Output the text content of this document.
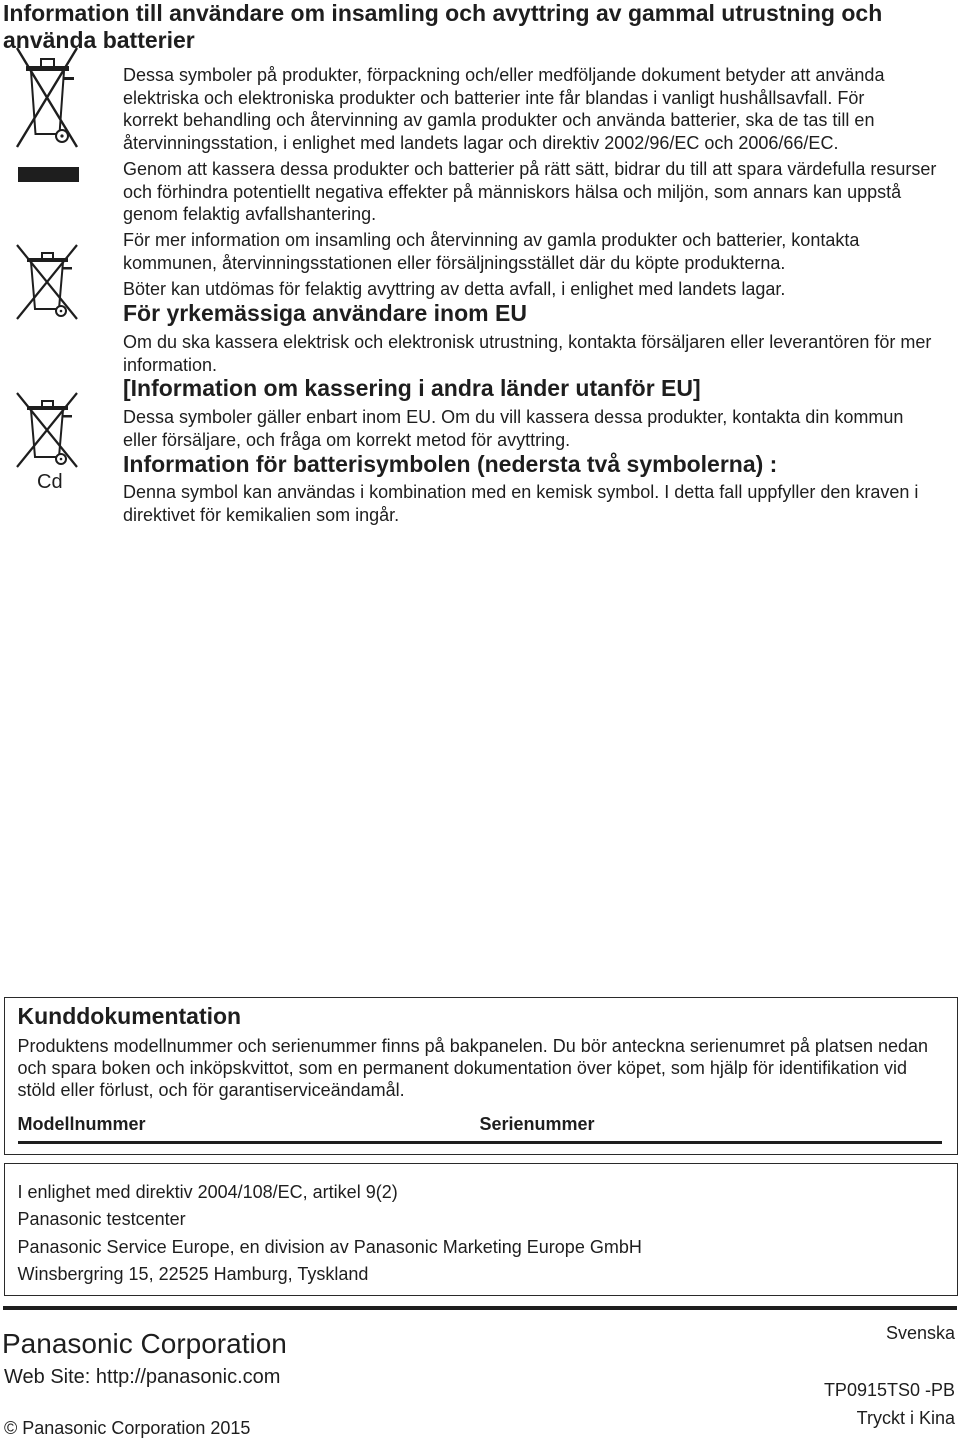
Information till användare om insamling och avyttring av gammal utrustning och
använda batterier
Cd
Dessa symboler på produkter, förpackning och/eller medföljande dokument betyder att använda
elektriska och elektroniska produkter och batterier inte får blandas i vanligt hushållsavfall. För
korrekt behandling och återvinning av gamla produkter och använda batterier, ska de tas till en
återvinningsstation, i enlighet med landets lagar och direktiv 2002/96/EC och 2006/66/EC.
Genom att kassera dessa produkter och batterier på rätt sätt, bidrar du till att spara värdefulla resurser
och förhindra potentiellt negativa effekter på människors hälsa och miljön, som annars kan uppstå
genom felaktig avfallshantering.
För mer information om insamling och återvinning av gamla produkter och batterier, kontakta
kommunen, återvinningsstationen eller försäljningsstället där du köpte produkterna.
Böter kan utdömas för felaktig avyttring av detta avfall, i enlighet med landets lagar.
För yrkemässiga användare inom EU
Om du ska kassera elektrisk och elektronisk utrustning, kontakta försäljaren eller leverantören för mer
information.
[Information om kassering i andra länder utanför EU]
Dessa symboler gäller enbart inom EU. Om du vill kassera dessa produkter, kontakta din kommun
eller försäljare, och fråga om korrekt metod för avyttring.
Information för batterisymbolen (nedersta två symbolerna) :
Denna symbol kan användas i kombination med en kemisk symbol. I detta fall uppfyller den kraven i
direktivet för kemikalien som ingår.
Kunddokumentation
Produktens modellnummer och serienummer finns på bakpanelen. Du bör anteckna serienumret på platsen nedan
och spara boken och inköpskvittot, som en permanent dokumentation över köpet, som hjälp för identifikation vid
stöld eller förlust, och för garantiserviceändamål.
Modellnummer	Serienummer
I enlighet med direktiv 2004/108/EC, artikel 9(2)
Panasonic testcenter
Panasonic Service Europe, en division av Panasonic Marketing Europe GmbH
Winsbergring 15, 22525 Hamburg, Tyskland
Panasonic Corporation
Web Site: http://panasonic.com
© Panasonic Corporation 2015
Svenska
TP0915TS0 -PB
Tryckt i Kina
